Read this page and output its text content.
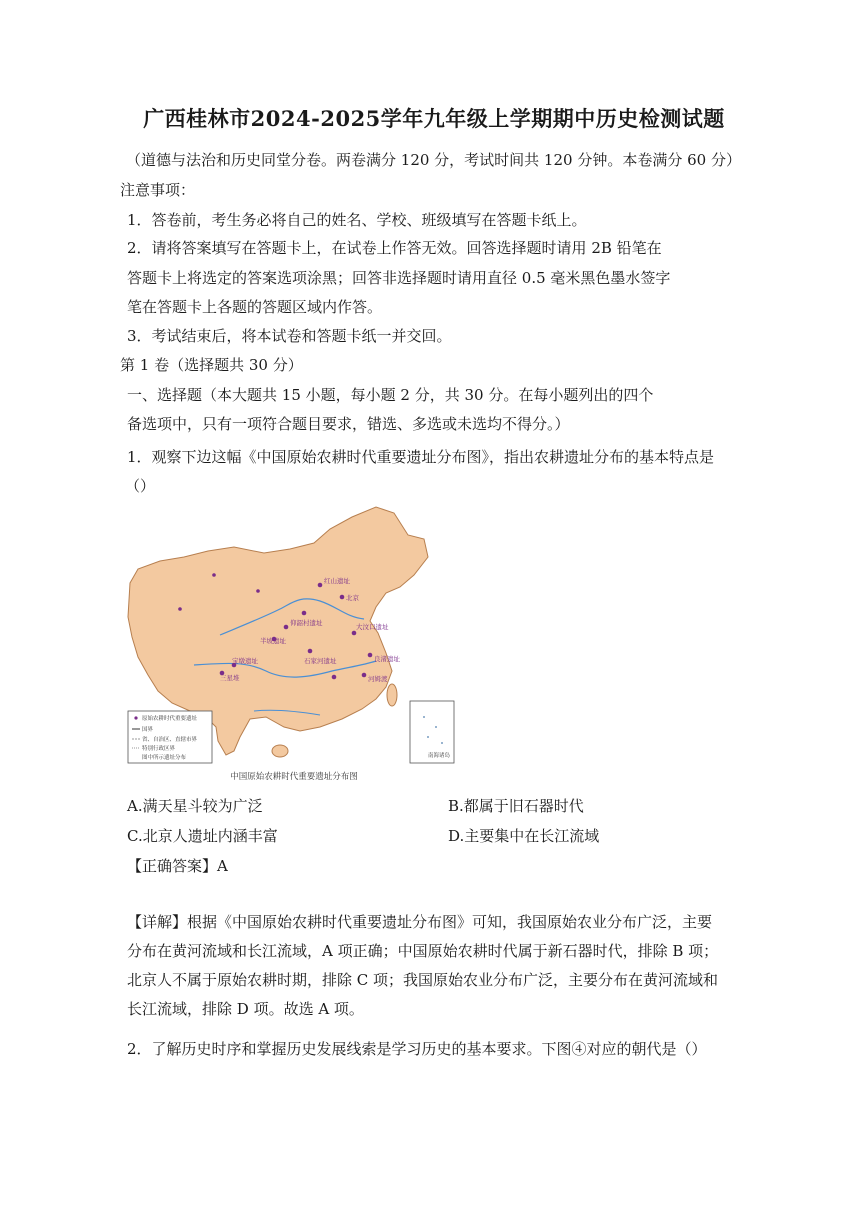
广西桂林市2024-2025学年九年级上学期期中历史检测试题
（道德与法治和历史同堂分卷。两卷满分 120 分，考试时间共 120 分钟。本卷满分 60 分）
注意事项：
1．答卷前，考生务必将自己的姓名、学校、班级填写在答题卡纸上。
2．请将答案填写在答题卡上，在试卷上作答无效。回答选择题时请用 2B 铅笔在
答题卡上将选定的答案选项涂黑；回答非选择题时请用直径 0.5 毫米黑色墨水签字
笔在答题卡上各题的答题区域内作答。
3．考试结束后，将本试卷和答题卡纸一并交回。
第 1 卷（选择题共 30 分）
一、选择题（本大题共 15 小题，每小题 2 分，共 30 分。在每小题列出的四个
备选项中，只有一项符合题目要求，错选、多选或未选均不得分。）
1．观察下边这幅《中国原始农耕时代重要遗址分布图》，指出农耕遗址分布的基本特点是
（）
北京
半坡遗址
河姆渡
大汶口遗址
良渚遗址
三星堆
红山遗址
仰韶村遗址
石家河遗址
宝墩遗址
原始农耕时代重要遗址
国界
省、自治区、直辖市界
特别行政区界
图中所示遗址分布	南海诸岛
中国原始农耕时代重要遗址分布图
A.满天星斗较为广泛	B.都属于旧石器时代
C.北京人遗址内涵丰富	D.主要集中在长江流域
【正确答案】A
【详解】根据《中国原始农耕时代重要遗址分布图》可知，我国原始农业分布广泛，主要
分布在黄河流域和长江流域，A 项正确；中国原始农耕时代属于新石器时代，排除 B 项；
北京人不属于原始农耕时期，排除 C 项；我国原始农业分布广泛，主要分布在黄河流域和
长江流域，排除 D 项。故选 A 项。
2．了解历史时序和掌握历史发展线索是学习历史的基本要求。下图④对应的朝代是（）
